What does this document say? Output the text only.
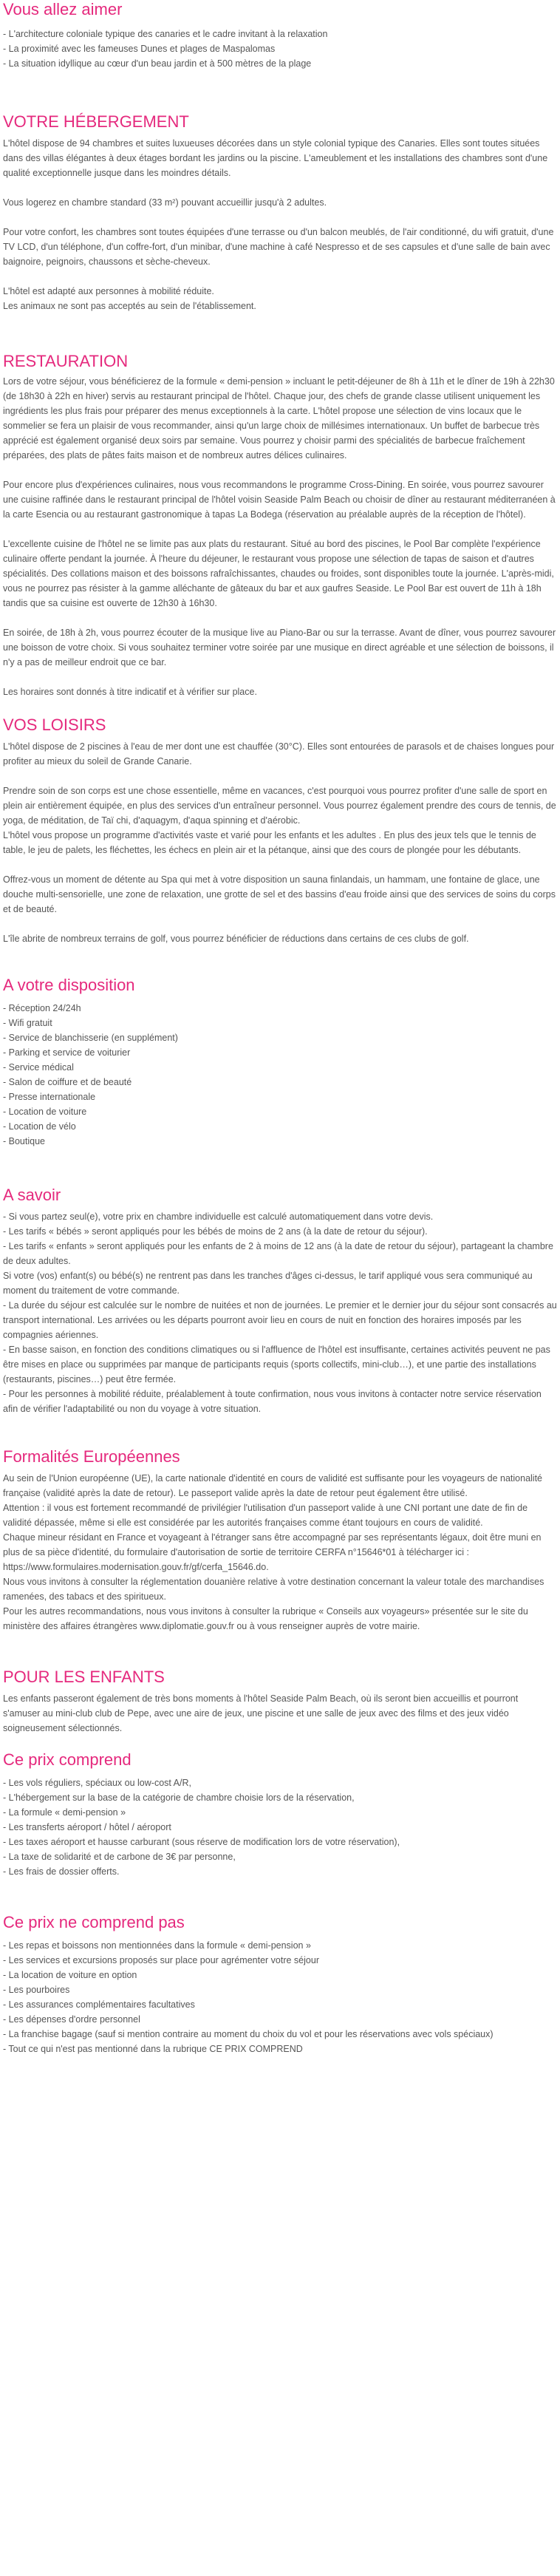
Vous allez aimer
- L'architecture coloniale typique des canaries et le cadre invitant à la relaxation
- La proximité avec les fameuses Dunes et plages de Maspalomas
- La situation idyllique au cœur d'un beau jardin et à 500 mètres de la plage
VOTRE HÉBERGEMENT

L'hôtel dispose de 94 chambres et suites luxueuses décorées dans un style colonial typique des Canaries. Elles sont toutes situées dans des villas élégantes à deux étages bordant les jardins ou la piscine. L'ameublement et les installations des chambres sont d'une qualité exceptionnelle jusque dans les moindres détails.

Vous logerez en chambre standard (33 m²) pouvant accueillir jusqu'à 2 adultes.

Pour votre confort, les chambres sont toutes équipées d'une terrasse ou d'un balcon meublés, de l'air conditionné, du wifi gratuit, d'une TV LCD, d'un téléphone, d'un coffre-fort, d'un minibar, d'une machine à café Nespresso et de ses capsules et d'une salle de bain avec baignoire, peignoirs, chaussons et sèche-cheveux.

L'hôtel est adapté aux personnes à mobilité réduite.

Les animaux ne sont pas acceptés au sein de l'établissement.

RESTAURATION

Lors de votre séjour, vous bénéficierez de la formule « demi-pension » incluant le petit-déjeuner de 8h à 11h et le dîner de 19h à 22h30 (de 18h30 à 22h en hiver) servis au restaurant principal de l'hôtel. Chaque jour, des chefs de grande classe utilisent uniquement les ingrédients les plus frais pour préparer des menus exceptionnels à la carte. L'hôtel propose une sélection de vins locaux que le sommelier se fera un plaisir de vous recommander, ainsi qu'un large choix de millésimes internationaux. Un buffet de barbecue très apprécié est également organisé deux soirs par semaine. Vous pourrez y choisir parmi des spécialités de barbecue fraîchement préparées, des plats de pâtes faits maison et de nombreux autres délices culinaires.

Pour encore plus d'expériences culinaires, nous vous recommandons le programme Cross-Dining. En soirée, vous pourrez savourer une cuisine raffinée dans le restaurant principal de l'hôtel voisin Seaside Palm Beach ou choisir de dîner au restaurant méditerranéen à la carte Esencia ou au restaurant gastronomique à tapas La Bodega (réservation au préalable auprès de la réception de l'hôtel).

L'excellente cuisine de l'hôtel ne se limite pas aux plats du restaurant. Situé au bord des piscines, le Pool Bar complète l'expérience culinaire offerte pendant la journée. À l'heure du déjeuner, le restaurant vous propose une sélection de tapas de saison et d'autres spécialités. Des collations maison et des boissons rafraîchissantes, chaudes ou froides, sont disponibles toute la journée. L'après-midi, vous ne pourrez pas résister à la gamme alléchante de gâteaux du bar et aux gaufres Seaside. Le Pool Bar est ouvert de 11h à 18h tandis que sa cuisine est ouverte de 12h30 à 16h30.

En soirée, de 18h à 2h, vous pourrez écouter de la musique live au Piano-Bar ou sur la terrasse. Avant de dîner, vous pourrez savourer une boisson de votre choix. Si vous souhaitez terminer votre soirée par une musique en direct agréable et une sélection de boissons, il n'y a pas de meilleur endroit que ce bar.

Les horaires sont donnés à titre indicatif et à vérifier sur place.

VOS LOISIRS

L'hôtel dispose de 2 piscines à l'eau de mer dont une est chauffée (30°C). Elles sont entourées de parasols et de chaises longues pour profiter au mieux du soleil de Grande Canarie.

Prendre soin de son corps est une chose essentielle, même en vacances, c'est pourquoi vous pourrez profiter d'une salle de sport en plein air entièrement équipée, en plus des services d'un entraîneur personnel. Vous pourrez également prendre des cours de tennis, de yoga, de méditation, de Taï chi, d'aquagym, d'aqua spinning et d'aérobic.

L'hôtel vous propose un programme d'activités vaste et varié pour les enfants et les adultes . En plus des jeux tels que le tennis de table, le jeu de palets, les fléchettes, les échecs en plein air et la pétanque, ainsi que des cours de plongée pour les débutants.

Offrez-vous un moment de détente au Spa qui met à votre disposition un sauna finlandais, un hammam, une fontaine de glace, une douche multi-sensorielle, une zone de relaxation, une grotte de sel et des bassins d'eau froide ainsi que des services de soins du corps et de beauté.

L'île abrite de nombreux terrains de golf, vous pourrez bénéficier de réductions dans certains de ces clubs de golf.

A votre disposition
- Réception 24/24h
- Wifi gratuit
- Service de blanchisserie (en supplément)
- Parking et service de voiturier
- Service médical
- Salon de coiffure et de beauté
- Presse internationale
- Location de voiture
- Location de vélo
- Boutique
A savoir

- Si vous partez seul(e), votre prix en chambre individuelle est calculé automatiquement dans votre devis.

- Les tarifs « bébés » seront appliqués pour les bébés de moins de 2 ans (à la date de retour du séjour).

- Les tarifs « enfants » seront appliqués pour les enfants de 2 à moins de 12 ans (à la date de retour du séjour), partageant la chambre de deux adultes.

Si votre (vos) enfant(s) ou bébé(s) ne rentrent pas dans les tranches d'âges ci-dessus, le tarif appliqué vous sera communiqué au moment du traitement de votre commande.

- La durée du séjour est calculée sur le nombre de nuitées et non de journées. Le premier et le dernier jour du séjour sont consacrés au transport international. Les arrivées ou les départs pourront avoir lieu en cours de nuit en fonction des horaires imposés par les compagnies aériennes.

- En basse saison, en fonction des conditions climatiques ou si l'affluence de l'hôtel est insuffisante, certaines activités peuvent ne pas être mises en place ou supprimées par manque de participants requis (sports collectifs, mini-club…), et une partie des installations (restaurants, piscines…) peut être fermée.

- Pour les personnes à mobilité réduite, préalablement à toute confirmation, nous vous invitons à contacter notre service réservation afin de vérifier l'adaptabilité ou non du voyage à votre situation.

Formalités Européennes

Au sein de l'Union européenne (UE), la carte nationale d'identité en cours de validité est suffisante pour les voyageurs de nationalité française (validité après la date de retour). Le passeport valide après la date de retour peut également être utilisé.

Attention : il vous est fortement recommandé de privilégier l'utilisation d'un passeport valide à une CNI portant une date de fin de validité dépassée, même si elle est considérée par les autorités françaises comme étant toujours en cours de validité.

Chaque mineur résidant en France et voyageant à l'étranger sans être accompagné par ses représentants légaux, doit être muni en plus de sa pièce d'identité, du formulaire d'autorisation de sortie de territoire CERFA n°15646*01 à télécharger ici : https://www.formulaires.modernisation.gouv.fr/gf/cerfa_15646.do.

Nous vous invitons à consulter la réglementation douanière relative à votre destination concernant la valeur totale des marchandises ramenées, des tabacs et des spiritueux.

Pour les autres recommandations, nous vous invitons à consulter la rubrique « Conseils aux voyageurs» présentée sur le site du ministère des affaires étrangères www.diplomatie.gouv.fr ou à vous renseigner auprès de votre mairie.

POUR LES ENFANTS

Les enfants passeront également de très bons moments à l'hôtel Seaside Palm Beach, où ils seront bien accueillis et pourront s'amuser au mini-club club de Pepe, avec une aire de jeux, une piscine et une salle de jeux avec des films et des jeux vidéo soigneusement sélectionnés.

Ce prix comprend
- Les vols réguliers, spéciaux ou low-cost A/R,
- L'hébergement sur la base de la catégorie de chambre choisie lors de la réservation,
- La formule « demi-pension »
- Les transferts aéroport / hôtel / aéroport
- Les taxes aéroport et hausse carburant (sous réserve de modification lors de votre réservation),
- La taxe de solidarité et de carbone de 3€ par personne,
- Les frais de dossier offerts.
Ce prix ne comprend pas
- Les repas et boissons non mentionnées dans la formule « demi-pension »
- Les services et excursions proposés sur place pour agrémenter votre séjour
- La location de voiture en option
- Les pourboires
- Les assurances complémentaires facultatives
- Les dépenses d'ordre personnel
- La franchise bagage (sauf si mention contraire au moment du choix du vol et pour les réservations avec vols spéciaux)
- Tout ce qui n'est pas mentionné dans la rubrique CE PRIX COMPREND
